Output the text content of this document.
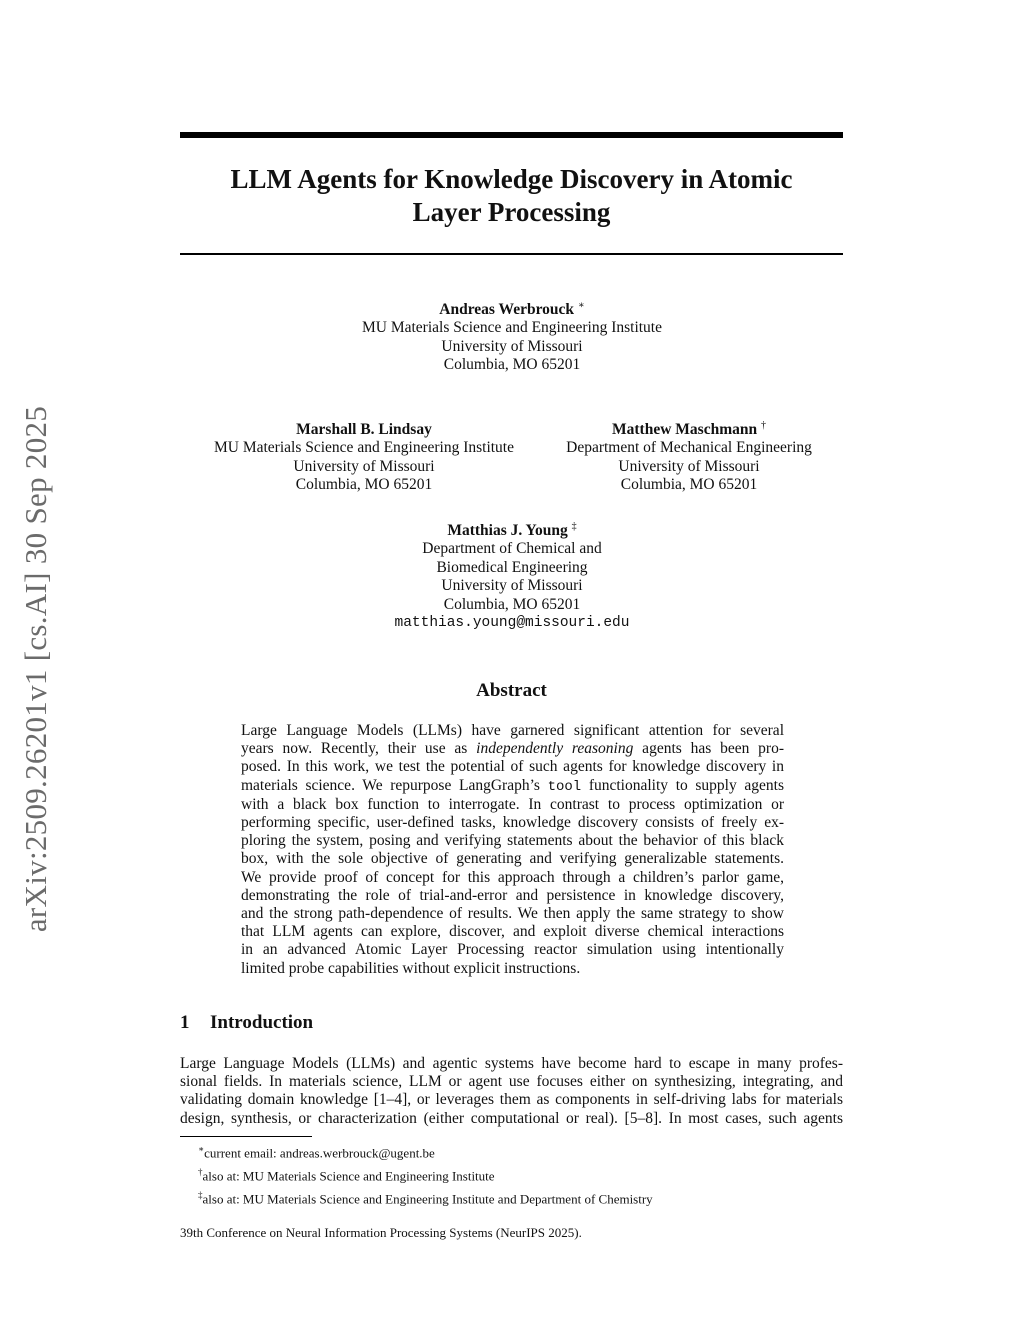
arXiv:2509.26201v1 [cs.AI] 30 Sep 2025
LLM Agents for Knowledge Discovery in Atomic
Layer Processing
Andreas Werbrouck ∗
MU Materials Science and Engineering Institute
University of Missouri
Columbia, MO 65201
Marshall B. Lindsay
MU Materials Science and Engineering Institute
University of Missouri
Columbia, MO 65201
Matthew Maschmann †
Department of Mechanical Engineering
University of Missouri
Columbia, MO 65201
Matthias J. Young ‡
Department of Chemical and
Biomedical Engineering
University of Missouri
Columbia, MO 65201
matthias.young@missouri.edu
Abstract
Large Language Models (LLMs) have garnered significant attention for several
years now. Recently, their use as independently reasoning agents has been pro-
posed. In this work, we test the potential of such agents for knowledge discovery in
materials science. We repurpose LangGraph’s tool functionality to supply agents
with a black box function to interrogate. In contrast to process optimization or
performing specific, user-defined tasks, knowledge discovery consists of freely ex-
ploring the system, posing and verifying statements about the behavior of this black
box, with the sole objective of generating and verifying generalizable statements.
We provide proof of concept for this approach through a children’s parlor game,
demonstrating the role of trial-and-error and persistence in knowledge discovery,
and the strong path-dependence of results. We then apply the same strategy to show
that LLM agents can explore, discover, and exploit diverse chemical interactions
in an advanced Atomic Layer Processing reactor simulation using intentionally
limited probe capabilities without explicit instructions.
1 Introduction
Large Language Models (LLMs) and agentic systems have become hard to escape in many profes-
sional fields. In materials science, LLM or agent use focuses either on synthesizing, integrating, and
validating domain knowledge [1–4], or leverages them as components in self-driving labs for materials
design, synthesis, or characterization (either computational or real). [5–8]. In most cases, such agents
∗current email: andreas.werbrouck@ugent.be
†also at: MU Materials Science and Engineering Institute
‡also at: MU Materials Science and Engineering Institute and Department of Chemistry
39th Conference on Neural Information Processing Systems (NeurIPS 2025).
